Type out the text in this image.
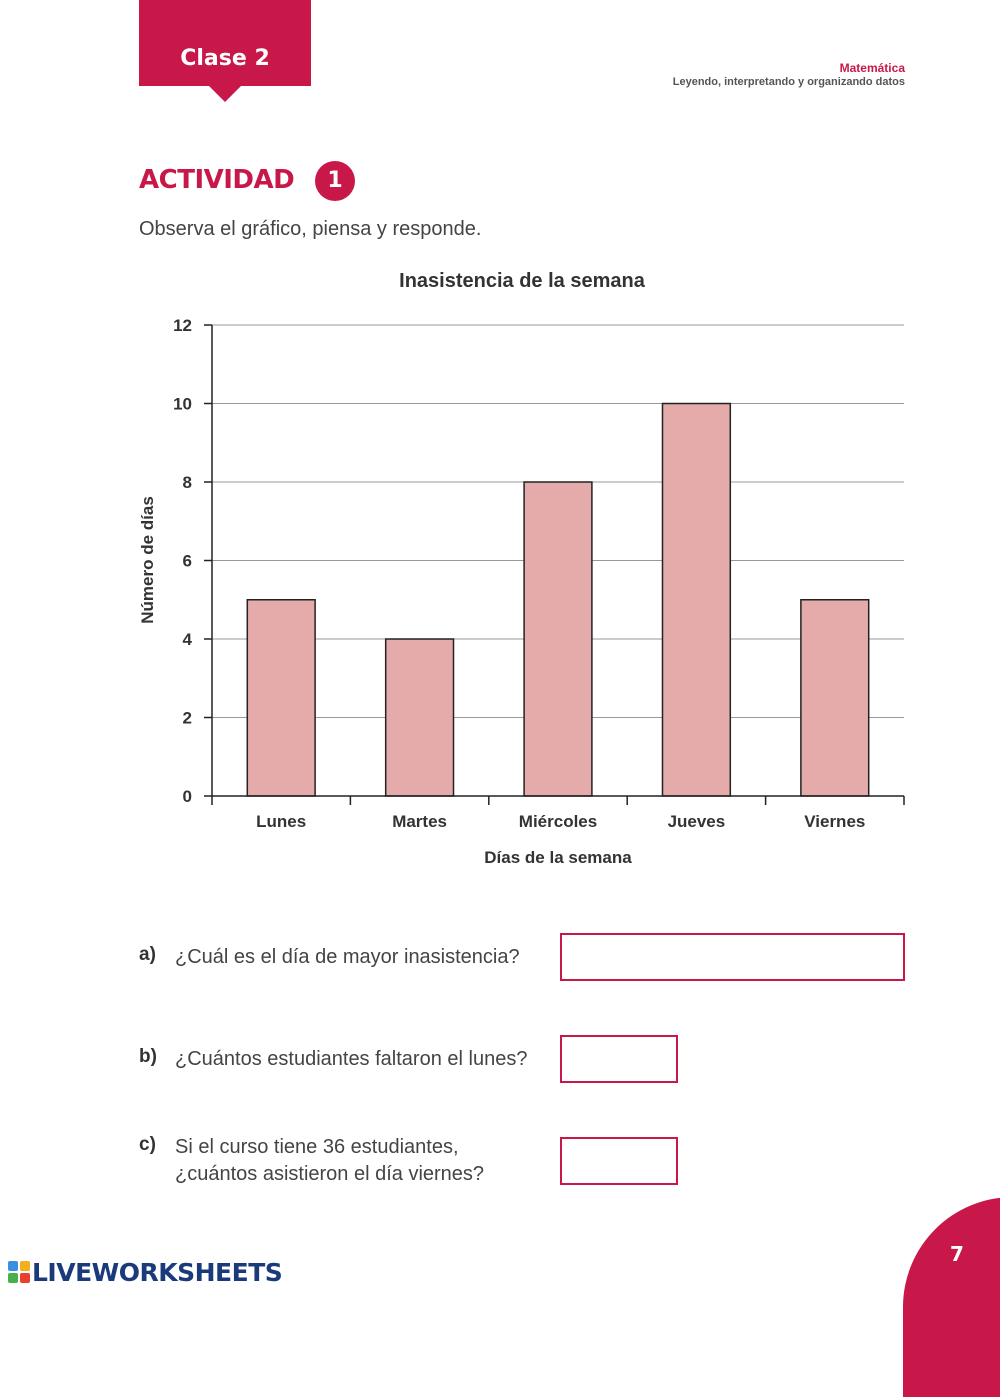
Clase 2	Matemática
Leyendo, interpretando y organizando datos
ACTIVIDAD	1
Observa el gráfico, piensa y responde.
Inasistencia de la semana
0
2
4
6
8
10
12
Lunes	Martes	Miércoles	Jueves	Viernes
Días de la semana
Número de días
a) ¿Cuál es el día de mayor inasistencia?
b) ¿Cuántos estudiantes faltaron el lunes?
c) Si el curso tiene 36 estudiantes, ¿cuántos asistieron el día viernes?
7
LIVEWORKSHEETS
